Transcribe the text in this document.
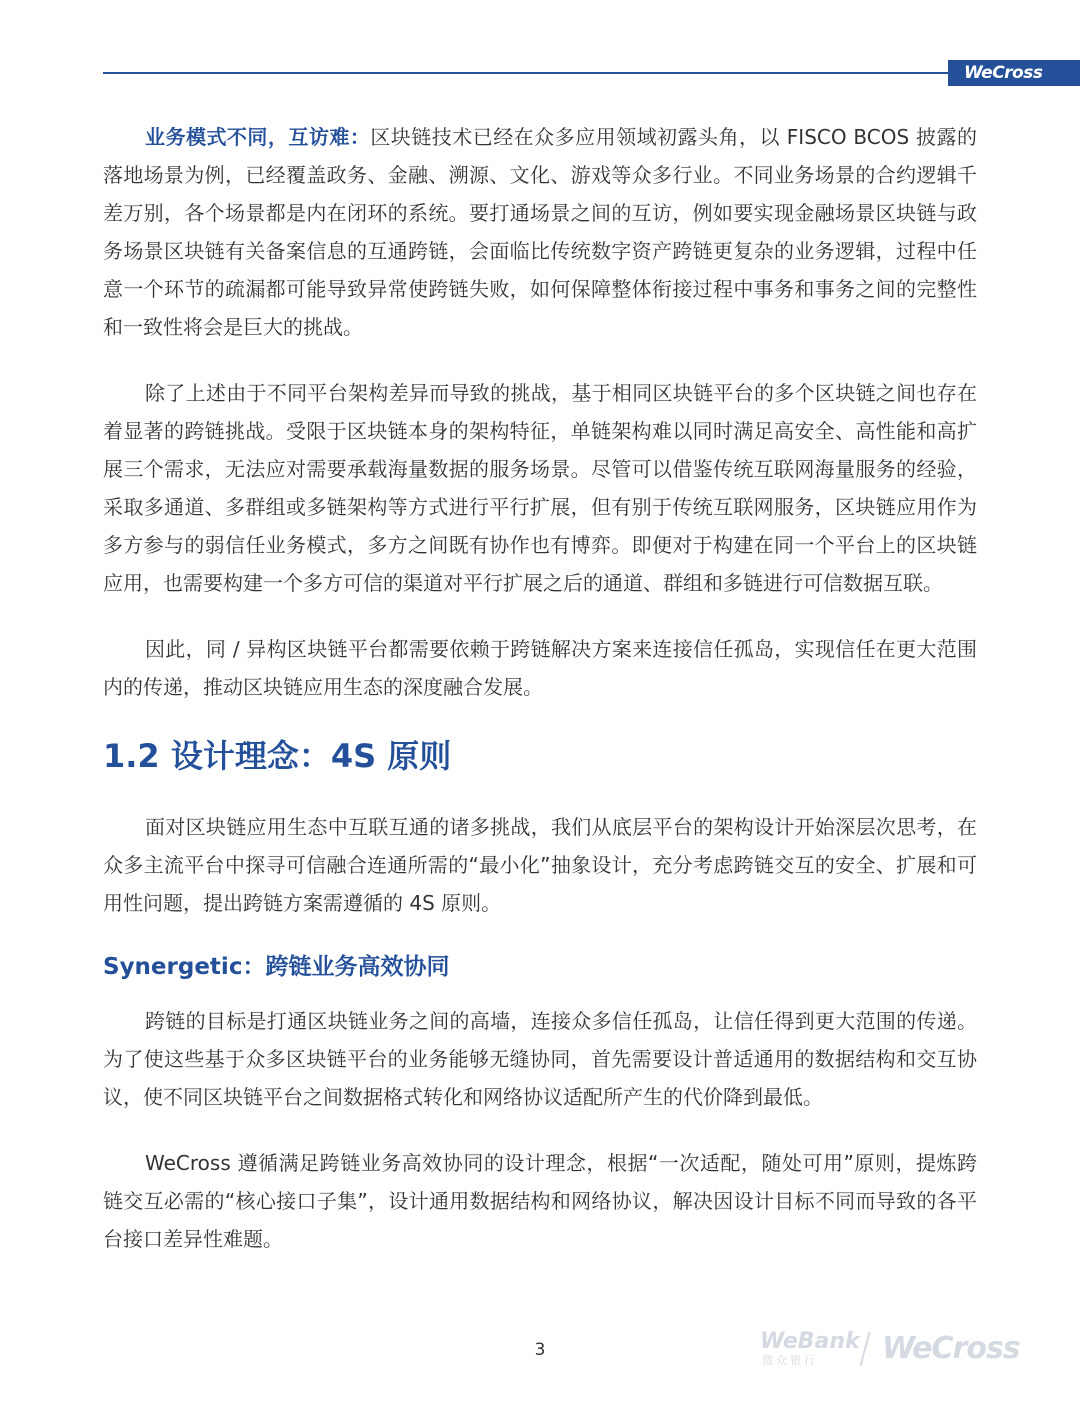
WeCross

业务模式不同，互访难：区块链技术已经在众多应用领域初露头角，以 FISCO BCOS 披露的落地场景为例，已经覆盖政务、金融、溯源、文化、游戏等众多行业。不同业务场景的合约逻辑千差万别，各个场景都是内在闭环的系统。要打通场景之间的互访，例如要实现金融场景区块链与政务场景区块链有关备案信息的互通跨链，会面临比传统数字资产跨链更复杂的业务逻辑，过程中任意一个环节的疏漏都可能导致异常使跨链失败，如何保障整体衔接过程中事务和事务之间的完整性和一致性将会是巨大的挑战。

除了上述由于不同平台架构差异而导致的挑战，基于相同区块链平台的多个区块链之间也存在着显著的跨链挑战。受限于区块链本身的架构特征，单链架构难以同时满足高安全、高性能和高扩展三个需求，无法应对需要承载海量数据的服务场景。尽管可以借鉴传统互联网海量服务的经验，采取多通道、多群组或多链架构等方式进行平行扩展，但有别于传统互联网服务，区块链应用作为多方参与的弱信任业务模式，多方之间既有协作也有博弈。即便对于构建在同一个平台上的区块链应用，也需要构建一个多方可信的渠道对平行扩展之后的通道、群组和多链进行可信数据互联。

因此，同 / 异构区块链平台都需要依赖于跨链解决方案来连接信任孤岛，实现信任在更大范围内的传递，推动区块链应用生态的深度融合发展。

1.2 设计理念：4S 原则

面对区块链应用生态中互联互通的诸多挑战，我们从底层平台的架构设计开始深层次思考，在众多主流平台中探寻可信融合连通所需的“最小化”抽象设计，充分考虑跨链交互的安全、扩展和可用性问题，提出跨链方案需遵循的 4S 原则。

Synergetic：跨链业务高效协同

跨链的目标是打通区块链业务之间的高墙，连接众多信任孤岛，让信任得到更大范围的传递。为了使这些基于众多区块链平台的业务能够无缝协同，首先需要设计普适通用的数据结构和交互协议，使不同区块链平台之间数据格式转化和网络协议适配所产生的代价降到最低。

WeCross 遵循满足跨链业务高效协同的设计理念，根据“一次适配，随处可用”原则，提炼跨链交互必需的“核心接口子集”，设计通用数据结构和网络协议，解决因设计目标不同而导致的各平台接口差异性难题。

3	WeBank
微众银行 WeCross
